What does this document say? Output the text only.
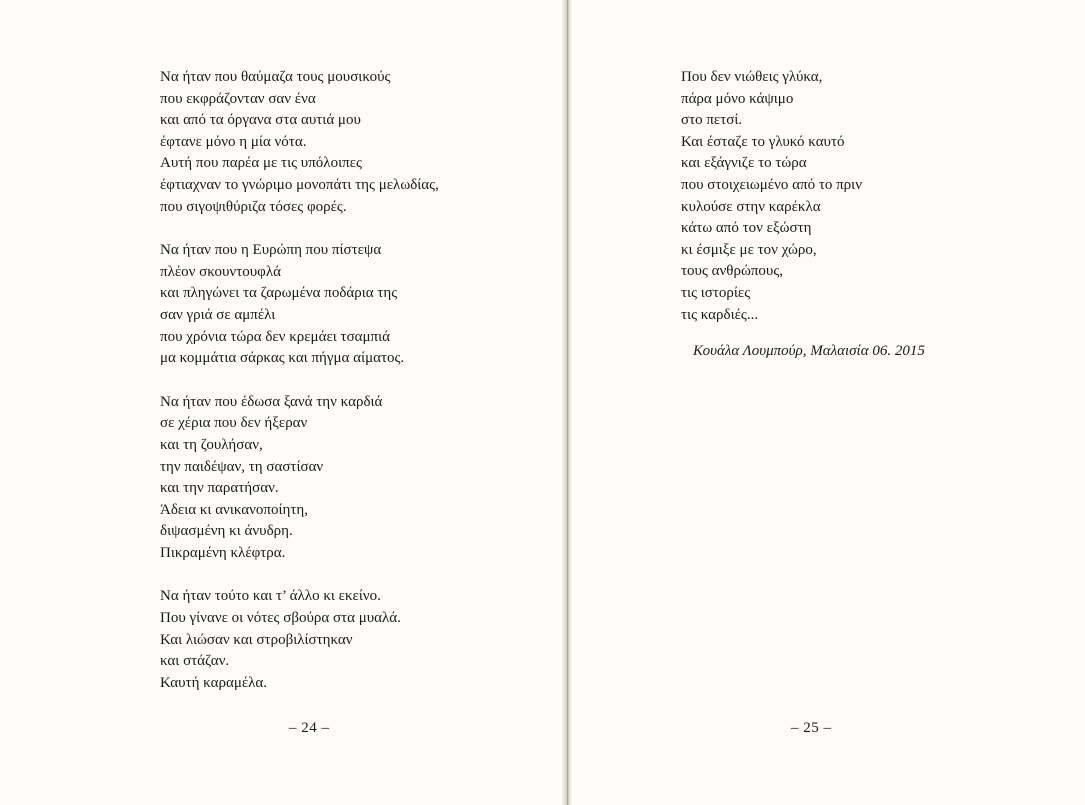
Να ήταν που θαύμαζα τους μουσικούς
που εκφράζονταν σαν ένα
και από τα όργανα στα αυτιά μου
έφτανε μόνο η μία νότα.
Αυτή που παρέα με τις υπόλοιπες
έφτιαχναν το γνώριμο μονοπάτι της μελωδίας,
που σιγοψιθύριζα τόσες φορές.
Να ήταν που η Ευρώπη που πίστεψα
πλέον σκουντουφλά
και πληγώνει τα ζαρωμένα ποδάρια της
σαν γριά σε αμπέλι
που χρόνια τώρα δεν κρεμάει τσαμπιά
μα κομμάτια σάρκας και πήγμα αίματος.
Να ήταν που έδωσα ξανά την καρδιά
σε χέρια που δεν ήξεραν
και τη ζουλήσαν,
την παιδέψαν, τη σαστίσαν
και την παρατήσαν.
Άδεια κι ανικανοποίητη,
διψασμένη κι άνυδρη.
Πικραμένη κλέφτρα.
Να ήταν τούτο και τ’ άλλο κι εκείνο.
Που γίνανε οι νότες σβούρα στα μυαλά.
Και λιώσαν και στροβιλίστηκαν
και στάζαν.
Καυτή καραμέλα.
– 24 –
Που δεν νιώθεις γλύκα,
πάρα μόνο κάψιμο
στο πετσί.
Και έσταζε το γλυκό καυτό
και εξάγνιζε το τώρα
που στοιχειωμένο από το πριν
κυλούσε στην καρέκλα
κάτω από τον εξώστη
κι έσμιξε με τον χώρο,
τους ανθρώπους,
τις ιστορίες
τις καρδιές...
Κουάλα Λουμπούρ, Μαλαισία 06. 2015
– 25 –
